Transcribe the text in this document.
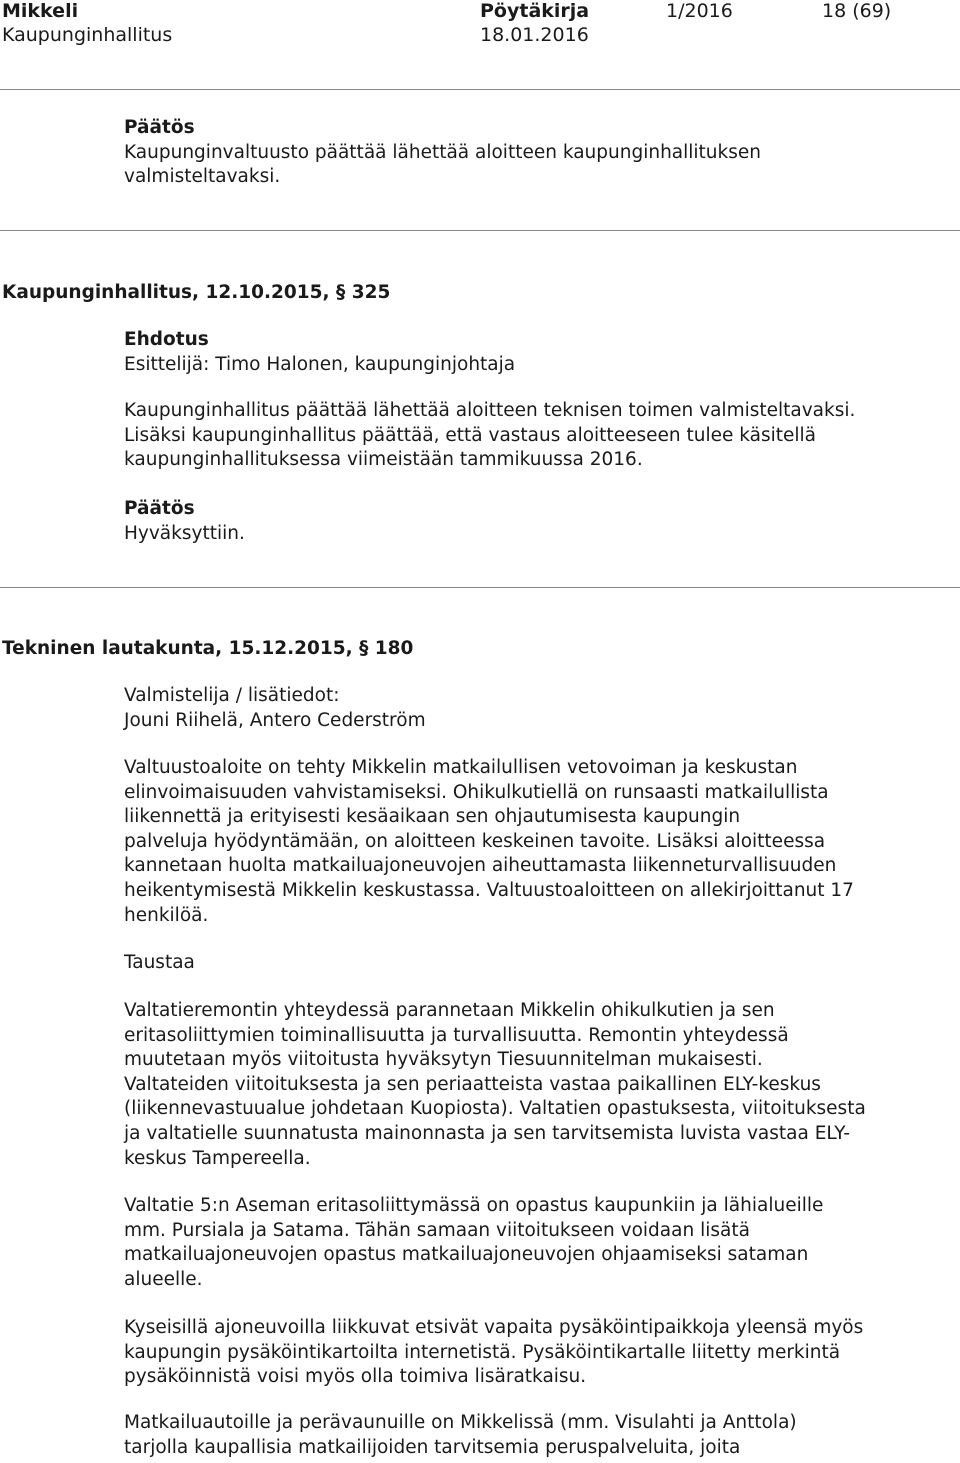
Mikkeli
Kaupunginhallitus
Pöytäkirja
18.01.2016
1/2016	18 (69)
Päätös
Kaupunginvaltuusto päättää lähettää aloitteen kaupunginhallituksen
valmisteltavaksi.
Kaupunginhallitus, 12.10.2015, § 325
Ehdotus
Esittelijä: Timo Halonen, kaupunginjohtaja
Kaupunginhallitus päättää lähettää aloitteen teknisen toimen valmisteltavaksi.
Lisäksi kaupunginhallitus päättää, että vastaus aloitteeseen tulee käsitellä
kaupunginhallituksessa viimeistään tammikuussa 2016.
Päätös
Hyväksyttiin.
Tekninen lautakunta, 15.12.2015, § 180
Valmistelija / lisätiedot:
Jouni Riihelä, Antero Cederström
Valtuustoaloite on tehty Mikkelin matkailullisen vetovoiman ja keskustan
elinvoimaisuuden vahvistamiseksi. Ohikulkutiellä on runsaasti matkailullista
liikennettä ja erityisesti kesäaikaan sen ohjautumisesta kaupungin
palveluja hyödyntämään, on aloitteen keskeinen tavoite. Lisäksi aloitteessa
kannetaan huolta matkailuajoneuvojen aiheuttamasta liikenneturvallisuuden
heikentymisestä Mikkelin keskustassa. Valtuustoaloitteen on allekirjoittanut 17
henkilöä.
Taustaa
Valtatieremontin yhteydessä parannetaan Mikkelin ohikulkutien ja sen
eritasoliittymien toiminallisuutta ja turvallisuutta. Remontin yhteydessä
muutetaan myös viitoitusta hyväksytyn Tiesuunnitelman mukaisesti.
Valtateiden viitoituksesta ja sen periaatteista vastaa paikallinen ELY-keskus
(liikennevastuualue johdetaan Kuopiosta). Valtatien opastuksesta, viitoituksesta
ja valtatielle suunnatusta mainonnasta ja sen tarvitsemista luvista vastaa ELY-
keskus Tampereella.
Valtatie 5:n Aseman eritasoliittymässä on opastus kaupunkiin ja lähialueille
mm. Pursiala ja Satama. Tähän samaan viitoitukseen voidaan lisätä
matkailuajoneuvojen opastus matkailuajoneuvojen ohjaamiseksi sataman
alueelle.
Kyseisillä ajoneuvoilla liikkuvat etsivät vapaita pysäköintipaikkoja yleensä myös
kaupungin pysäköintikartoilta internetistä. Pysäköintikartalle liitetty merkintä
pysäköinnistä voisi myös olla toimiva lisäratkaisu.
Matkailuautoille ja perävaunuille on Mikkelissä (mm. Visulahti ja Anttola)
tarjolla kaupallisia matkailijoiden tarvitsemia peruspalveluita, joita
